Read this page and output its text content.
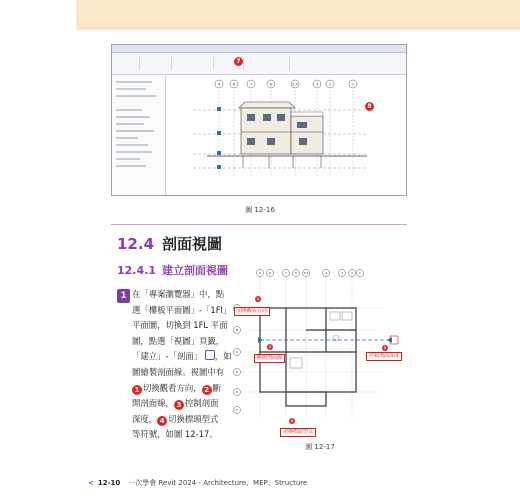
7
9	8	7	6	5.5	3	2	1
8
圖 12-16
12.4 剖面視圖
12.4.1 建立剖面視圖
1 在「專案瀏覽器」中，點
選「樓板平面圖」-「1Fl」
平面圖，切換到 1FL 平面
圖，點選「視圖」頁籤，
「建立」-「剖面」 ，如
圖繪製剖面線。視圖中有
1 切換觀看方向， 2 斷
開剖面線， 3 控制剖面
深度， 4 切換標頭型式
等符號，如圖 12-17。
9	8	7	6 5.5	4	3	2 1
B
C
D
E
F
1
2	3
4
切換觀看方向
斷開剖面線	控制剖面深度
切換標頭型式
圖 12-17
< 12-10 一次學會 Revit 2024 - Architecture、MEP、Structure
